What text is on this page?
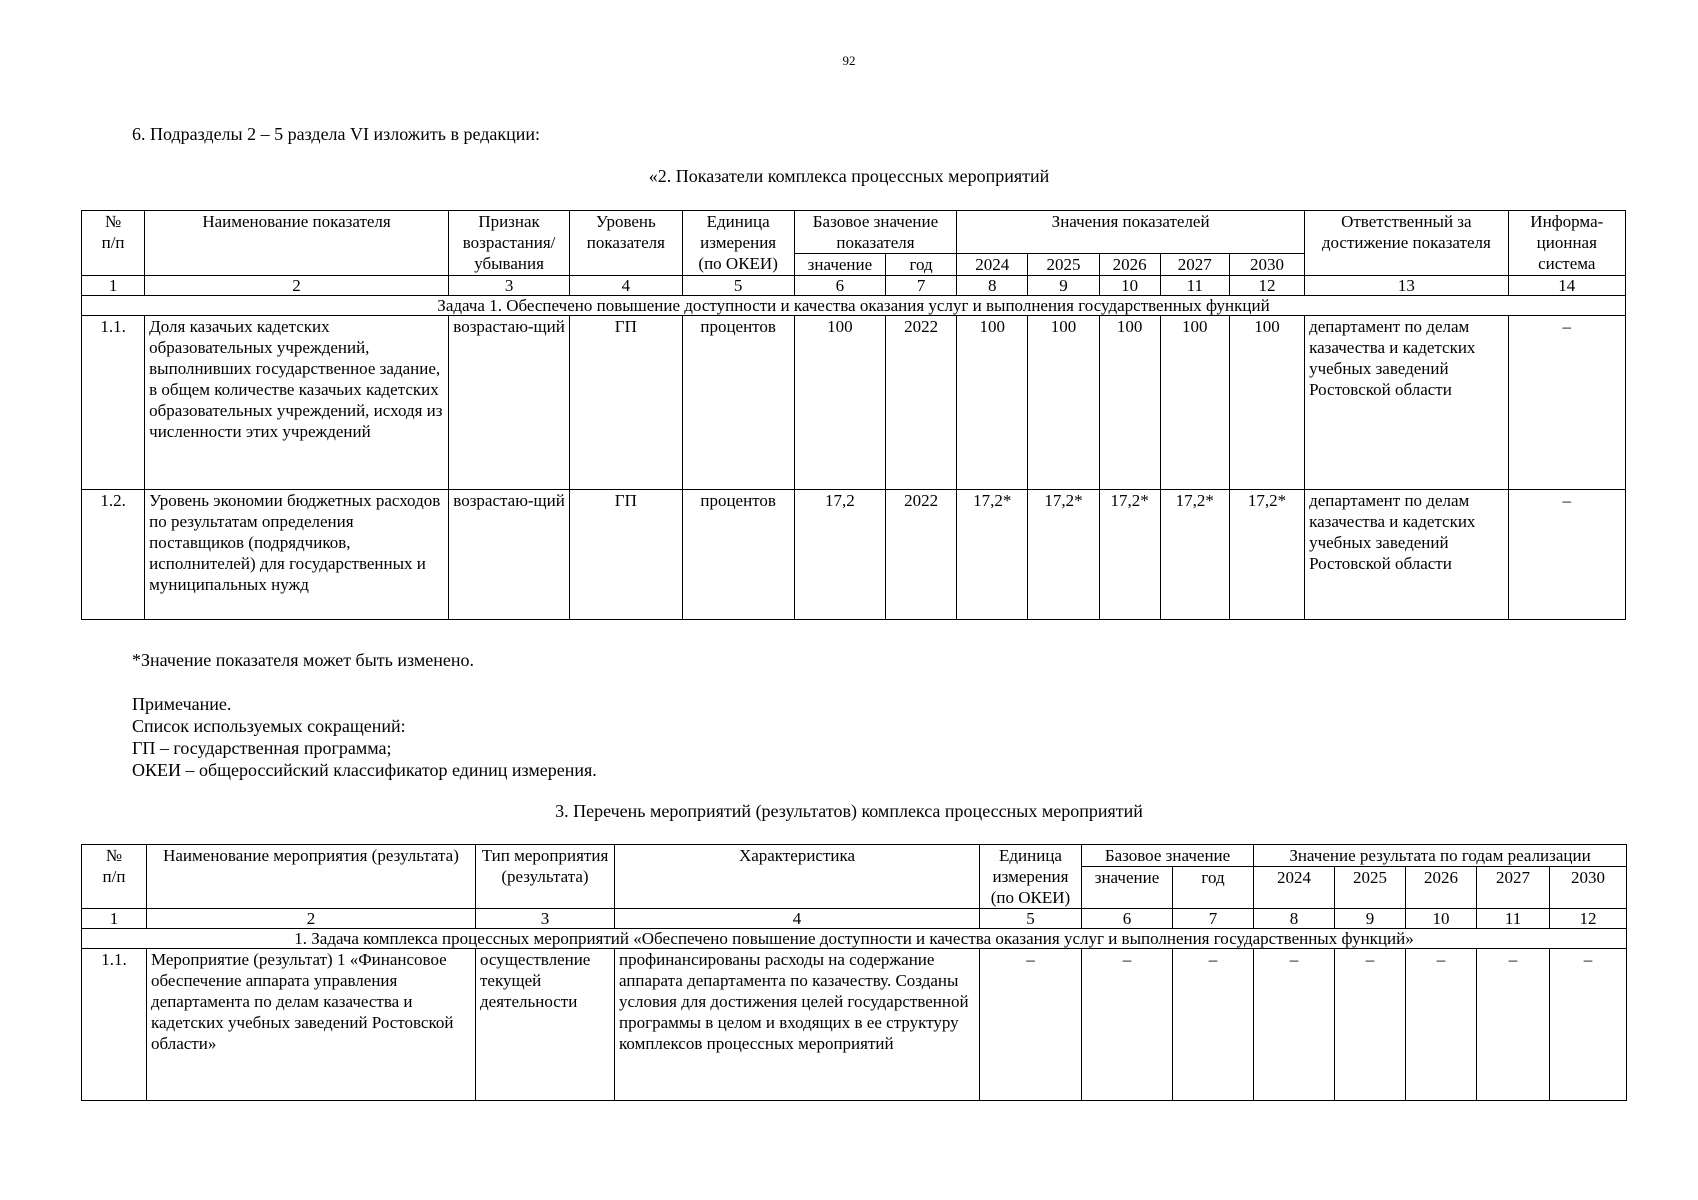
92
6. Подразделы 2 – 5 раздела VI изложить в редакции:
«2. Показатели комплекса процессных мероприятий
№
п/п	Наименование показателя	Признак возрастания/ убывания	Уровень показателя	Единица измерения (по ОКЕИ)	Базовое значение показателя		Значения показателей					Ответственный за достижение показателя	Информа-ционная система

					значение	год	2024	2025	2026	2027	2030		
1	2	3	4	5	6	7	8	9	10	11	12	13	14
Задача 1. Обеспечено повышение доступности и качества оказания услуг и выполнения государственных функций													
1.1.	Доля казачьих кадетских образовательных учреждений, выполнивших государственное задание, в общем количестве казачьих кадетских образовательных учреждений, исходя из численности этих учреждений	возрастаю-щий	ГП	процентов	100	2022	100	100	100	100	100	департамент по делам казачества и кадетских учебных заведений Ростовской области	–
1.2.	Уровень экономии бюджетных расходов по результатам определения поставщиков (подрядчиков, исполнителей) для государственных и муниципальных нужд	возрастаю-щий	ГП	процентов	17,2	2022	17,2*	17,2*	17,2*	17,2*	17,2*	департамент по делам казачества и кадетских учебных заведений Ростовской области	–

*Значение показателя может быть изменено.

Примечание.

Список используемых сокращений:

ГП – государственная программа;

ОКЕИ – общероссийский классификатор единиц измерения.

3. Перечень мероприятий (результатов) комплекса процессных мероприятий
№
п/п	Наименование мероприятия (результата)	Тип мероприятия (результата)	Характеристика	Единица измерения (по ОКЕИ)	Базовое значение		Значение результата по годам реализации				

					значение	год	2024	2025	2026	2027	2030
1	2	3	4	5	6	7	8	9	10	11	12
1. Задача комплекса процессных мероприятий «Обеспечено повышение доступности и качества оказания услуг и выполнения государственных функций»											
1.1.	Мероприятие (результат) 1 «Финансовое обеспечение аппарата управления департамента по делам казачества и кадетских учебных заведений Ростовской области»	осуществление текущей деятельности	профинансированы расходы на содержание аппарата департамента по казачеству. Созданы условия для достижения целей государственной программы в целом и входящих в ее структуру комплексов процессных мероприятий	–	–	–	–	–	–	–	–
